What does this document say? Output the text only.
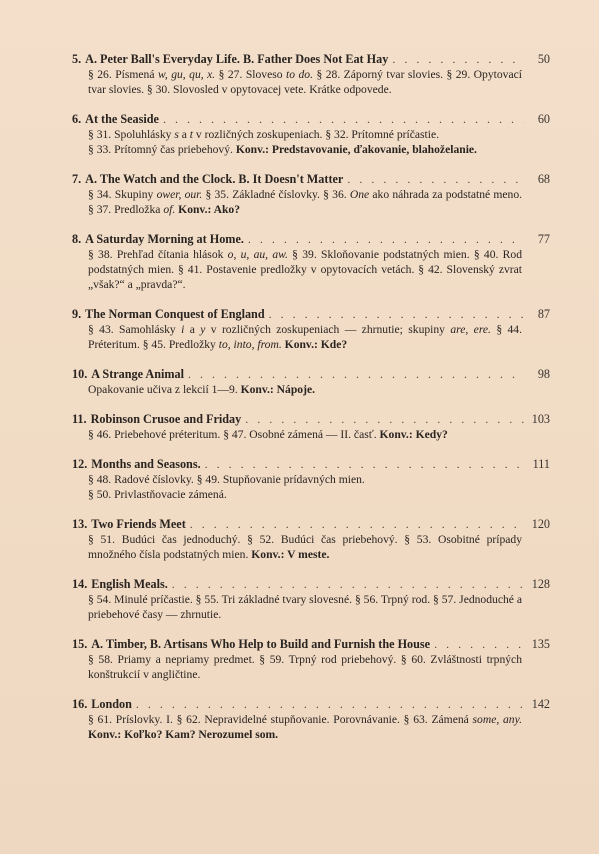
5. A. Peter Ball's Everyday Life. B. Father Does Not Eat Hay . . .	50
§ 26. Písmená w, gu, qu, x. § 27. Sloveso to do. § 28. Záporný tvar slovies. § 29. Opytovací tvar slovies. § 30. Slovosled v opytovacej vete. Krátke odpovede.
6. At the Seaside . . .	60
§ 31. Spoluhlásky s a t v rozličných zoskupeniach. § 32. Prítomné príčastie.
§ 33. Prítomný čas priebehový. Konv.: Predstavovanie, ďakovanie, blahoželanie.
7. A. The Watch and the Clock. B. It Doesn't Matter . . .	68
§ 34. Skupiny ower, our. § 35. Základné číslovky. § 36. One ako náhrada za podstatné meno. § 37. Predložka of. Konv.: Ako?
8. A Saturday Morning at Home. . . .	77
§ 38. Prehľad čítania hlások o, u, au, aw. § 39. Skloňovanie podstatných mien. § 40. Rod podstatných mien. § 41. Postavenie predložky v opytovacích vetách. § 42. Slovenský zvrat „však?“ a „pravda?“.
9. The Norman Conquest of England . . .	87
§ 43. Samohlásky i a y v rozličných zoskupeniach — zhrnutie; skupiny are, ere. § 44. Préteritum. § 45. Predložky to, into, from. Konv.: Kde?
10. A Strange Animal . . .	98
Opakovanie učiva z lekcií 1—9. Konv.: Nápoje.
11. Robinson Crusoe and Friday . . .	103
§ 46. Priebehové préteritum. § 47. Osobné zámená — II. časť. Konv.: Kedy?
12. Months and Seasons. . . .	111
§ 48. Radové číslovky. § 49. Stupňovanie prídavných mien.
§ 50. Privlastňovacie zámená.
13. Two Friends Meet . . .	120
§ 51. Budúci čas jednoduchý. § 52. Budúci čas priebehový. § 53. Osobitné prípady množného čísla podstatných mien. Konv.: V meste.
14. English Meals. . . .	128
§ 54. Minulé príčastie. § 55. Tri základné tvary slovesné. § 56. Trpný rod. § 57. Jednoduché a priebehové časy — zhrnutie.
15. A. Timber, B. Artisans Who Help to Build and Furnish the House . . .	135
§ 58. Priamy a nepriamy predmet. § 59. Trpný rod priebehový. § 60. Zvláštnosti trpných konštrukcií v angličtine.
16. London . . .	142
§ 61. Príslovky. I. § 62. Nepravidelné stupňovanie. Porovnávanie. § 63. Zámená some, any. Konv.: Koľko? Kam? Nerozumel som.
